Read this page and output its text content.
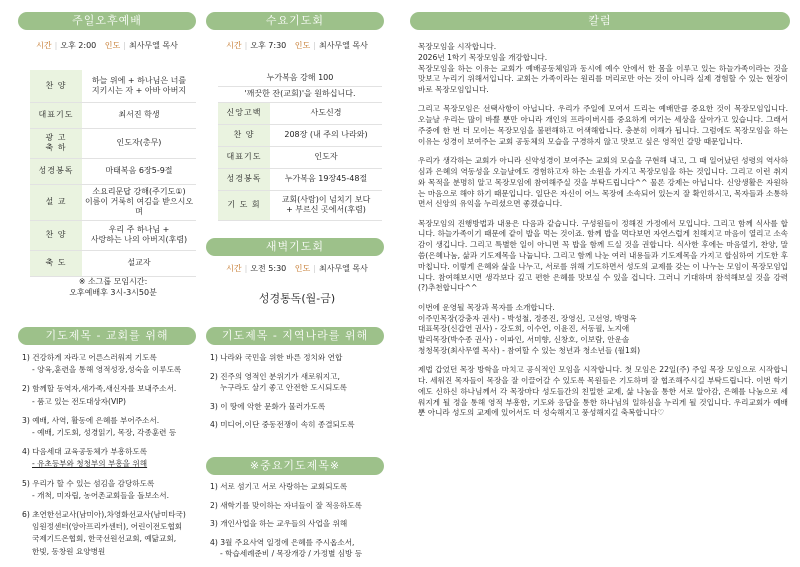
주일오후예배
시간 | 오후 2:00 인도 | 최사무엘 목사
찬 양	하늘 위에 + 하나님은 너를
지키시는 자 + 아바 아버지
대표기도	최서진 학생
광 고
축 하	인도자(총무)
성경봉독	마태복음 6장5-9절
설 교	소요리문답 강해(주기도①)
이름이 거룩히 여김을 받으시오며
찬 양	우리 주 하나님 +
사랑하는 나의 아버지(후렴)
축 도	설교자
※ 소그룹 모임시간:
오후예배후 3시-3시50분
기도제목 - 교회를 위해
1) 건강하게 자라고 어른스러워져 기도록
- 양육,훈련을 통해 영적성장,성숙을 이루도록
2) 함께할 동역자,새가족,새신자를 보내주소서.
- 품고 있는 전도대상자(VIP)
3) 예배, 사역, 활동에 은혜를 부어주소서.
- 예배, 기도회, 성경읽기, 목장, 각종훈련 등
4) 다음세대 교육공동체가 부흥하도록
- 유초등부와 청청부의 부흥을 위해
5) 우리가 할 수 있는 섬김을 감당하도록
- 개척, 미자립, 농어촌교회들을 돌보소서.
6) 초연한선교사(남미아),차영화선교사(남미타국)
임원정센터(앙아프리카센터), 어린이전도협회
국제기드온협회, 한국선원선교회, 예닮교회,
한빛, 동창원 요양병원
수요기도회
시간 | 오후 7:30 인도 | 최사무엘 목사
누가복음 강해 100	
'깨끗한 잔(교회)'을 원하십니다.	
신앙고백	사도신경
찬 양	208장 (내 주의 나라와)
대표기도	인도자
성경봉독	누가복음 19장45-48절
기 도 회	교회(사람)이 넘치기 보다
+ 부르신 곳에서(후렴)
새벽기도회
시간 | 오전 5:30 인도 | 최사무엘 목사
성경통독(월-금)
기도제목 - 지역나라를 위해
1) 나라와 국민을 위한 바른 정치와 연합
2) 진주의 영적인 분위기가 새로워지고,
누구라도 살기 좋고 안전한 도시되도록
3) 이 땅에 악한 문화가 물러가도록
4) 미디어,이단 중동전쟁이 속히 종결되도록
※중요기도제목※
1) 서로 섬기고 서로 사랑하는 교회되도록
2) 새학기를 맞이하는 자녀들이 잘 적응하도록
3) 개인사업을 하는 교우들의 사업을 위해
4) 3월 주요사역 일정에 은혜를 주시옵소서,
- 학습세례준비 / 목장개강 / 가정별 심방 등
칼럼

목장모임을 시작합니다.
2026년 1학기 목장모임을 개강합니다.
목장모임을 하는 이유는 교회가 예배공동체임과 동시에 예수 안에서 한 몸을 이루고 있는 하늘가족이라는 것을 맛보고 누리기 위해서입니다. 교회는 가족이라는 원리를 머리로만 아는 것이 아니라 실제 경험할 수 있는 현장이 바로 목장모임입니다.

그리고 목장모임은 선택사항이 아닙니다. 우리가 주일에 모여서 드리는 예배만큼 중요한 것이 목장모임입니다. 오늘날 우리는 많이 바쁠 뿐만 아니라 개인의 프라이버시를 중요하게 여기는 세상을 살아가고 있습니다. 그래서 주중에 한 번 더 모이는 목장모임을 불편해하고 어색해합니다. 충분히 이해가 됩니다. 그럼에도 목장모임을 하는 이유는 성경이 보여주는 교회 공동체의 모습을 구경하지 않고 맛보고 싶은 영적인 갈망 때문입니다.

우리가 생각하는 교회가 아니라 신약성경이 보여주는 교회의 모습을 구현해 내고, 그 때 일어났던 성령의 역사하심과 은혜의 역동성을 오늘날에도 경험하고자 하는 소원을 가지고 목장모임을 하는 것입니다. 그리고 이런 취지와 목적을 분명히 알고 목장모임에 참여해주실 것을 부탁드립니다^^ 물론 강제는 아닙니다. 신앙생활은 자원하는 마음으로 해야 하기 때문입니다. 일단은 자신이 어느 목장에 소속되어 있는지 잘 확인하시고, 목자들과 소통하면서 신앙의 유익을 누리셨으면 좋겠습니다.

목장모임의 진행방법과 내용은 다음과 같습니다. 구성원들이 정해진 가정에서 모입니다. 그리고 함께 식사를 합니다. 하늘가족이기 때문에 같이 밥을 먹는 것이죠. 함께 밥을 먹다보면 자연스럽게 친해지고 마음이 열리고 소속감이 생깁니다. 그리고 특별한 일이 아니면 꼭 밥을 함께 드실 것을 권합니다. 식사한 후에는 마음열기, 찬양, 말씀(은혜나눔, 삶과 기도제목을 나눕니다. 그리고 함께 나눈 여러 내용들과 기도제목을 가지고 합심하여 기도한 후 마칩니다. 이렇게 은혜와 삶을 나누고, 서로를 위해 기도하면서 성도의 교제를 갖는 이 나누는 모임이 목장모임입니다. 참여해보시면 생각보다 깊고 편한 은혜를 맛보실 수 있을 겁니다. 그러니 기대하며 참석해보실 것을 강력(?)추천합니다^^

이번에 운영될 목장과 목자를 소개합니다.
이주민목장(강충자 권사) - 박성철, 정종진, 장영신, 고선영, 박명옥
대표목장(신갑연 권사) - 강도희, 이수연, 이윤진, 서동필, 노지애
발리목장(박수종 권사) - 이파인, 서미향, 신창호, 이보람, 안운솔
청청목장(최사무엘 목사) - 참여할 수 있는 청년과 청소년들 (월1회)

제법 갑었던 목장 방학을 마치고 공식적인 모임을 시작합니다. 첫 모임은 22일(주) 주일 목장 모임으로 시작합니다. 세워진 목자들이 목장을 잘 이끌어갈 수 있도록 목원들은 기도하며 잘 협조해주시길 부탁드립니다. 이번 학기에도 신하신 하나님께서 각 목장마다 성도들간의 친밀한 교제, 삶 나눔을 통한 서로 알아감, 은혜를 나눔으로 세워지게 될 정을 통해 영적 부흥함, 기도와 응답을 통한 하나님의 일하심을 누리게 될 것입니다. 우리교회가 예배뿐 아니라 성도의 교제에 있어서도 더 성숙해지고 풍성해지길 축복합니다♡
